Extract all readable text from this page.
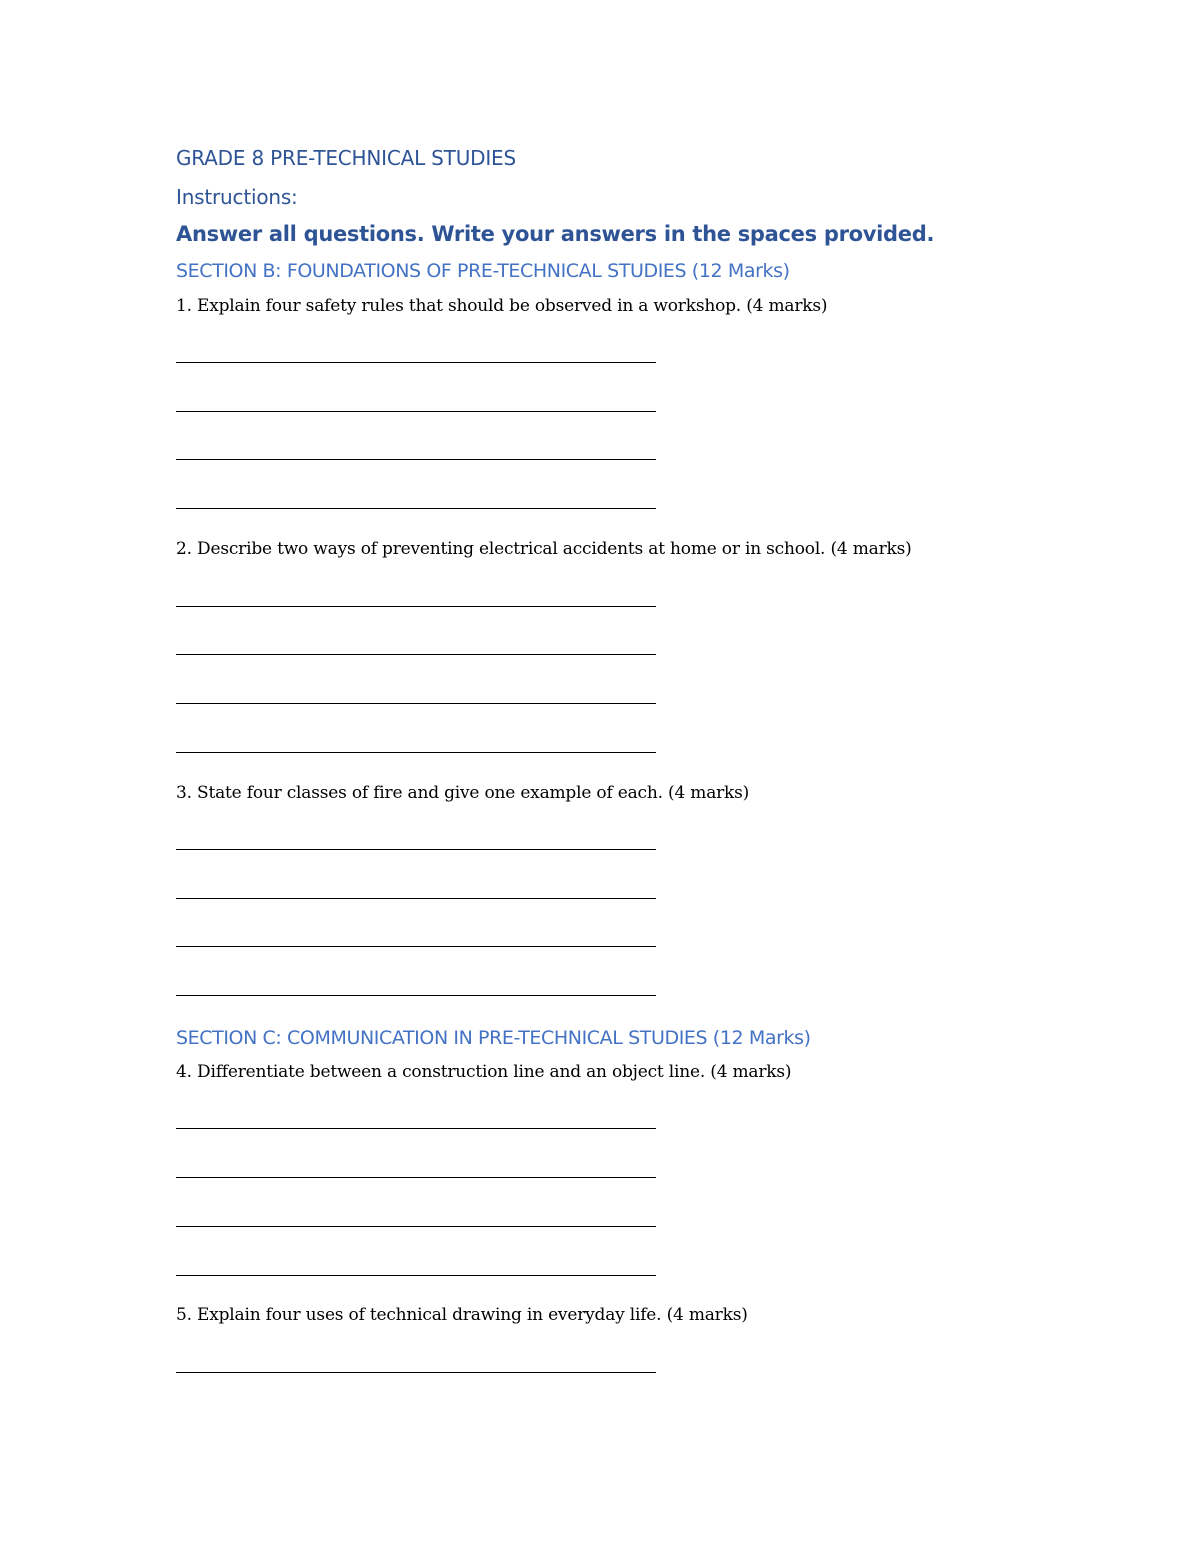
GRADE 8 PRE-TECHNICAL STUDIES
Instructions:
Answer all questions. Write your answers in the spaces provided.
SECTION B: FOUNDATIONS OF PRE-TECHNICAL STUDIES (12 Marks)
1. Explain four safety rules that should be observed in a workshop. (4 marks)
2. Describe two ways of preventing electrical accidents at home or in school. (4 marks)
3. State four classes of fire and give one example of each. (4 marks)
SECTION C: COMMUNICATION IN PRE-TECHNICAL STUDIES (12 Marks)
4. Differentiate between a construction line and an object line. (4 marks)
5. Explain four uses of technical drawing in everyday life. (4 marks)
